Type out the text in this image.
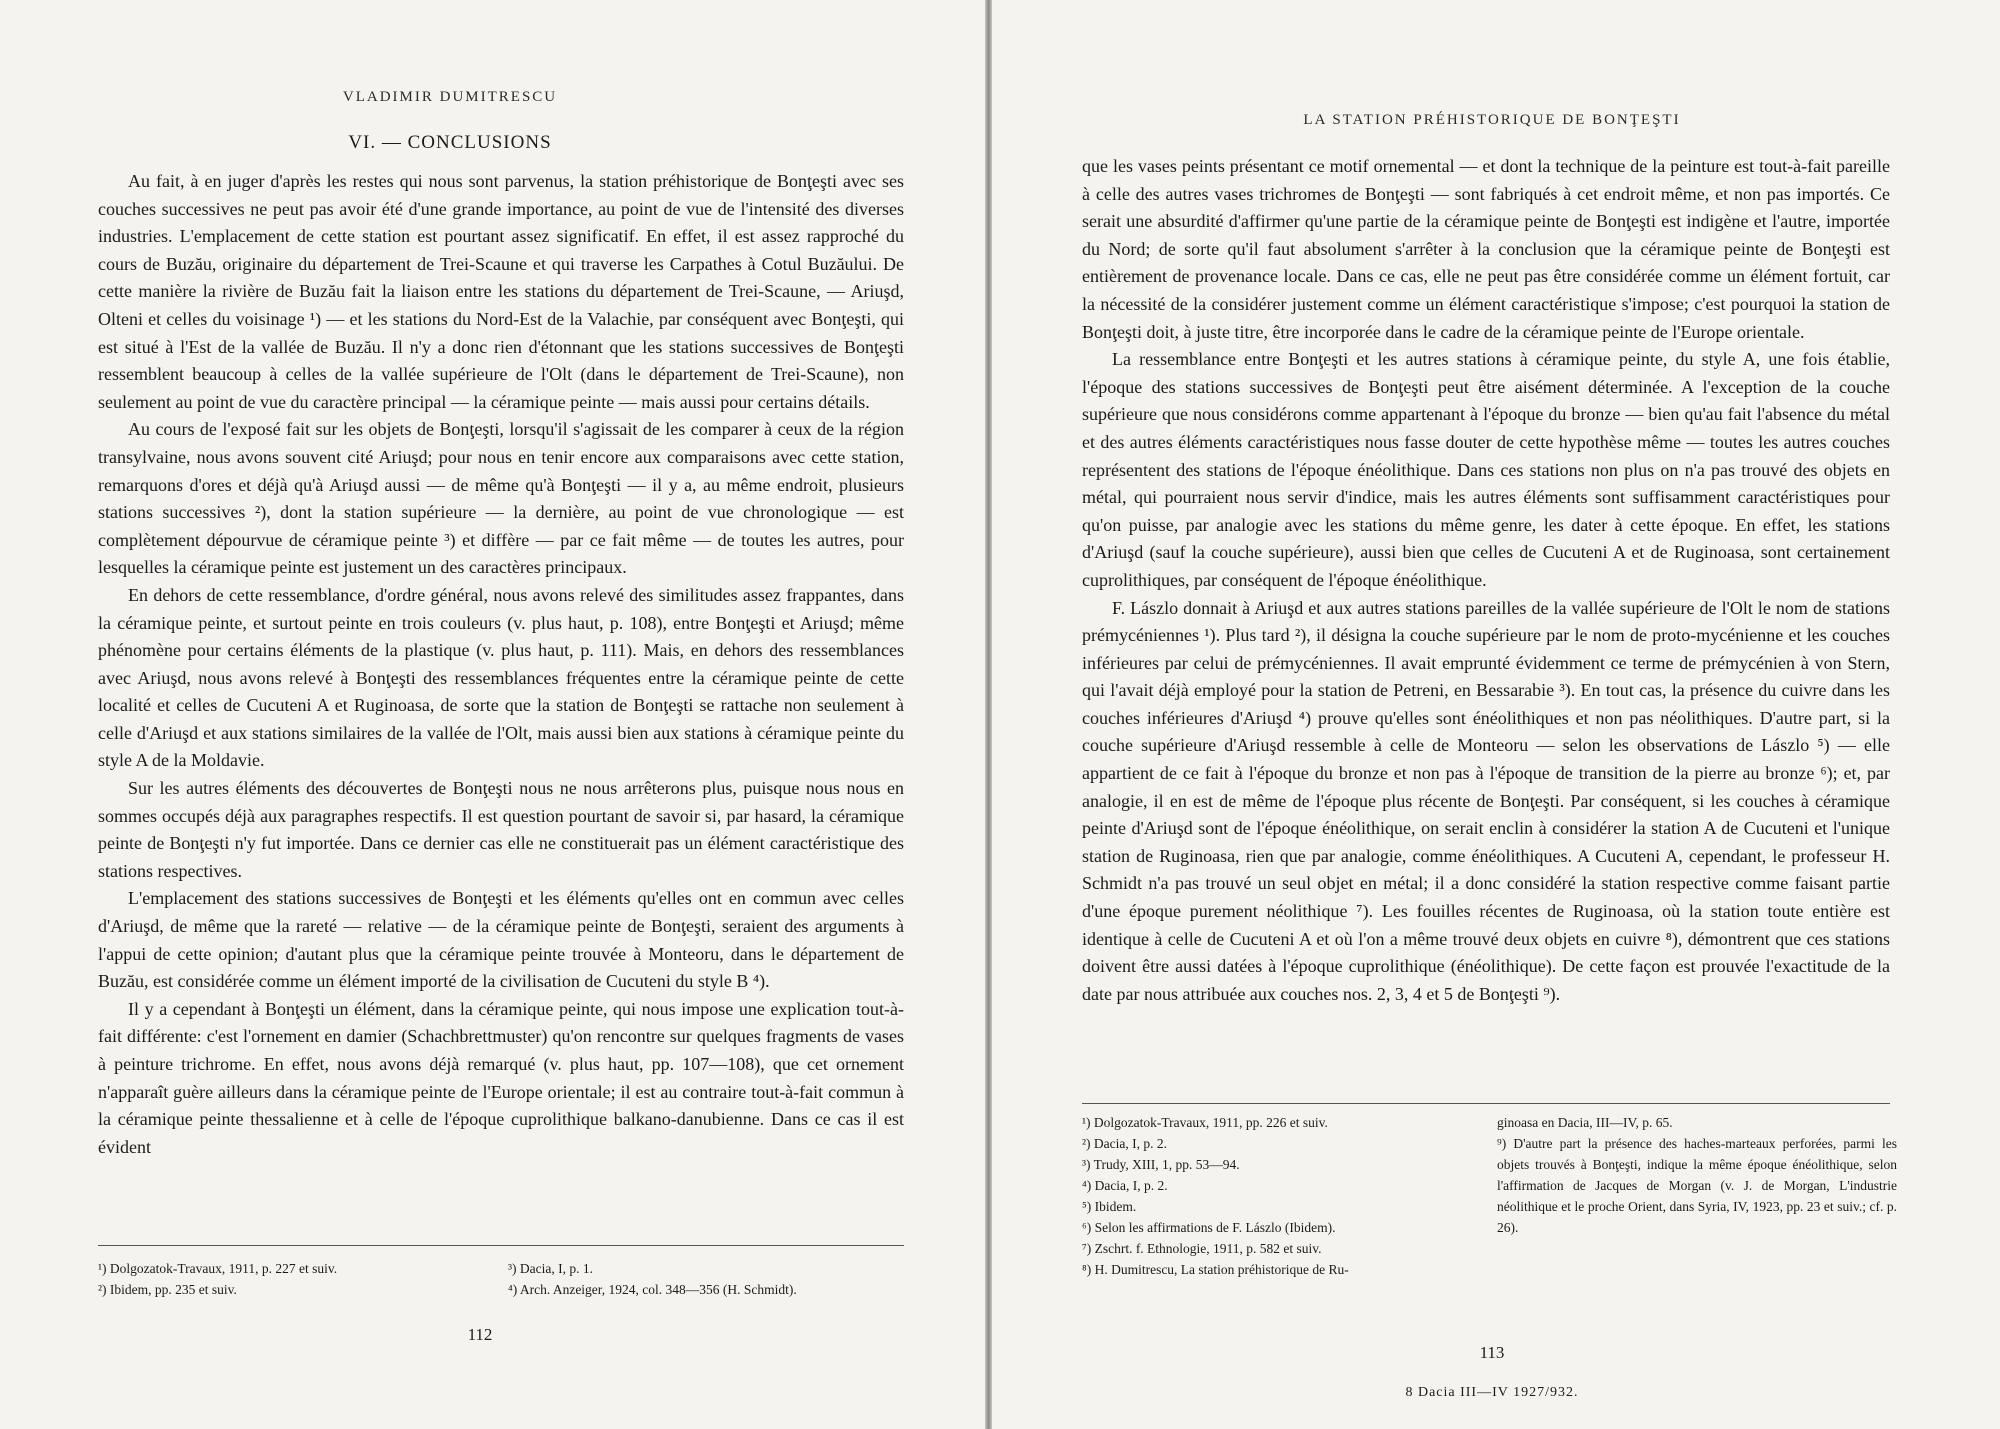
VLADIMIR DUMITRESCU
VI. — CONCLUSIONS

Au fait, à en juger d'après les restes qui nous sont parvenus, la station préhistorique de Bonţeşti avec ses couches successives ne peut pas avoir été d'une grande importance, au point de vue de l'intensité des diverses industries. L'emplacement de cette station est pourtant assez significatif. En effet, il est assez rapproché du cours de Buzău, originaire du département de Trei-Scaune et qui traverse les Carpathes à Cotul Buzăului. De cette manière la rivière de Buzău fait la liaison entre les stations du département de Trei-Scaune, — Ariuşd, Olteni et celles du voisinage ¹) — et les stations du Nord-Est de la Valachie, par conséquent avec Bonţeşti, qui est situé à l'Est de la vallée de Buzău. Il n'y a donc rien d'étonnant que les stations successives de Bonţeşti ressemblent beaucoup à celles de la vallée supérieure de l'Olt (dans le département de Trei-Scaune), non seulement au point de vue du caractère principal — la céramique peinte — mais aussi pour certains détails.

Au cours de l'exposé fait sur les objets de Bonţeşti, lorsqu'il s'agissait de les comparer à ceux de la région transylvaine, nous avons souvent cité Ariuşd; pour nous en tenir encore aux comparaisons avec cette station, remarquons d'ores et déjà qu'à Ariuşd aussi — de même qu'à Bonţeşti — il y a, au même endroit, plusieurs stations successives ²), dont la station supérieure — la dernière, au point de vue chronologique — est complètement dépourvue de céramique peinte ³) et diffère — par ce fait même — de toutes les autres, pour lesquelles la céramique peinte est justement un des caractères principaux.

En dehors de cette ressemblance, d'ordre général, nous avons relevé des similitudes assez frappantes, dans la céramique peinte, et surtout peinte en trois couleurs (v. plus haut, p. 108), entre Bonţeşti et Ariuşd; même phénomène pour certains éléments de la plastique (v. plus haut, p. 111). Mais, en dehors des ressemblances avec Ariuşd, nous avons relevé à Bonţeşti des ressemblances fréquentes entre la céramique peinte de cette localité et celles de Cucuteni A et Ruginoasa, de sorte que la station de Bonţeşti se rattache non seulement à celle d'Ariuşd et aux stations similaires de la vallée de l'Olt, mais aussi bien aux stations à céramique peinte du style A de la Moldavie.

Sur les autres éléments des découvertes de Bonţeşti nous ne nous arrêterons plus, puisque nous nous en sommes occupés déjà aux paragraphes respectifs. Il est question pourtant de savoir si, par hasard, la céramique peinte de Bonţeşti n'y fut importée. Dans ce dernier cas elle ne constituerait pas un élément caractéristique des stations respectives.

L'emplacement des stations successives de Bonţeşti et les éléments qu'elles ont en commun avec celles d'Ariuşd, de même que la rareté — relative — de la céramique peinte de Bonţeşti, seraient des arguments à l'appui de cette opinion; d'autant plus que la céramique peinte trouvée à Monteoru, dans le département de Buzău, est considérée comme un élément importé de la civilisation de Cucuteni du style B ⁴).

Il y a cependant à Bonţeşti un élément, dans la céramique peinte, qui nous impose une explication tout-à-fait différente: c'est l'ornement en damier (Schachbrettmuster) qu'on rencontre sur quelques fragments de vases à peinture trichrome. En effet, nous avons déjà remarqué (v. plus haut, pp. 107—108), que cet ornement n'apparaît guère ailleurs dans la céramique peinte de l'Europe orientale; il est au contraire tout-à-fait commun à la céramique peinte thessalienne et à celle de l'époque cuprolithique balkano-danubienne. Dans ce cas il est évident

¹) Dolgozatok-Travaux, 1911, p. 227 et suiv.

²) Ibidem, pp. 235 et suiv.

³) Dacia, I, p. 1.

⁴) Arch. Anzeiger, 1924, col. 348—356 (H. Schmidt).

112
LA STATION PRÉHISTORIQUE DE BONŢEŞTI

que les vases peints présentant ce motif ornemental — et dont la technique de la peinture est tout-à-fait pareille à celle des autres vases trichromes de Bonţeşti — sont fabriqués à cet endroit même, et non pas importés. Ce serait une absurdité d'affirmer qu'une partie de la céramique peinte de Bonţeşti est indigène et l'autre, importée du Nord; de sorte qu'il faut absolument s'arrêter à la conclusion que la céramique peinte de Bonţeşti est entièrement de provenance locale. Dans ce cas, elle ne peut pas être considérée comme un élément fortuit, car la nécessité de la considérer justement comme un élément caractéristique s'impose; c'est pourquoi la station de Bonţeşti doit, à juste titre, être incorporée dans le cadre de la céramique peinte de l'Europe orientale.

La ressemblance entre Bonţeşti et les autres stations à céramique peinte, du style A, une fois établie, l'époque des stations successives de Bonţeşti peut être aisément déterminée. A l'exception de la couche supérieure que nous considérons comme appartenant à l'époque du bronze — bien qu'au fait l'absence du métal et des autres éléments caractéristiques nous fasse douter de cette hypothèse même — toutes les autres couches représentent des stations de l'époque énéolithique. Dans ces stations non plus on n'a pas trouvé des objets en métal, qui pourraient nous servir d'indice, mais les autres éléments sont suffisamment caractéristiques pour qu'on puisse, par analogie avec les stations du même genre, les dater à cette époque. En effet, les stations d'Ariuşd (sauf la couche supérieure), aussi bien que celles de Cucuteni A et de Ruginoasa, sont certainement cuprolithiques, par conséquent de l'époque énéolithique.

F. Lászlo donnait à Ariuşd et aux autres stations pareilles de la vallée supérieure de l'Olt le nom de stations prémycéniennes ¹). Plus tard ²), il désigna la couche supérieure par le nom de proto-mycénienne et les couches inférieures par celui de prémycéniennes. Il avait emprunté évidemment ce terme de prémycénien à von Stern, qui l'avait déjà employé pour la station de Petreni, en Bessarabie ³). En tout cas, la présence du cuivre dans les couches inférieures d'Ariuşd ⁴) prouve qu'elles sont énéolithiques et non pas néolithiques. D'autre part, si la couche supérieure d'Ariuşd ressemble à celle de Monteoru — selon les observations de Lászlo ⁵) — elle appartient de ce fait à l'époque du bronze et non pas à l'époque de transition de la pierre au bronze ⁶); et, par analogie, il en est de même de l'époque plus récente de Bonţeşti. Par conséquent, si les couches à céramique peinte d'Ariuşd sont de l'époque énéolithique, on serait enclin à considérer la station A de Cucuteni et l'unique station de Ruginoasa, rien que par analogie, comme énéolithiques. A Cucuteni A, cependant, le professeur H. Schmidt n'a pas trouvé un seul objet en métal; il a donc considéré la station respective comme faisant partie d'une époque purement néolithique ⁷). Les fouilles récentes de Ruginoasa, où la station toute entière est identique à celle de Cucuteni A et où l'on a même trouvé deux objets en cuivre ⁸), démontrent que ces stations doivent être aussi datées à l'époque cuprolithique (énéolithique). De cette façon est prouvée l'exactitude de la date par nous attribuée aux couches nos. 2, 3, 4 et 5 de Bonţeşti ⁹).

¹) Dolgozatok-Travaux, 1911, pp. 226 et suiv.

²) Dacia, I, p. 2.

³) Trudy, XIII, 1, pp. 53—94.

⁴) Dacia, I, p. 2.

⁵) Ibidem.

⁶) Selon les affirmations de F. Lászlo (Ibidem).

⁷) Zschrt. f. Ethnologie, 1911, p. 582 et suiv.

⁸) H. Dumitrescu, La station préhistorique de Ru-

ginoasa en Dacia, III—IV, p. 65.

⁹) D'autre part la présence des haches-marteaux perforées, parmi les objets trouvés à Bonţeşti, indique la même époque énéolithique, selon l'affirmation de Jacques de Morgan (v. J. de Morgan, L'industrie néolithique et le proche Orient, dans Syria, IV, 1923, pp. 23 et suiv.; cf. p. 26).

113
8 Dacia III—IV 1927/932.
